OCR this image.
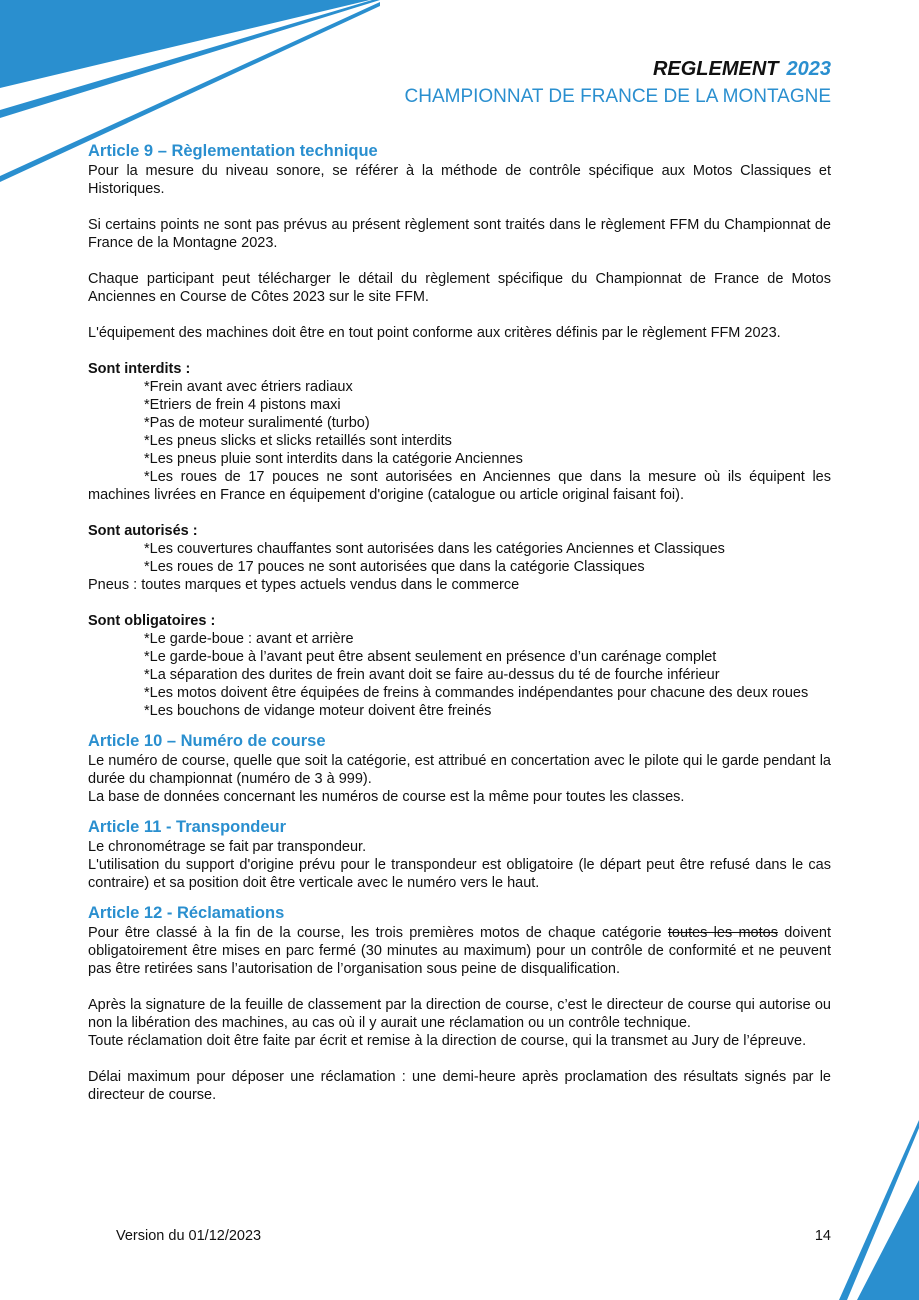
REGLEMENT 2023
CHAMPIONNAT DE FRANCE DE LA MONTAGNE
Article 9 – Règlementation technique

Pour la mesure du niveau sonore, se référer à la méthode de contrôle spécifique aux Motos Classiques et Historiques.

Si certains points ne sont pas prévus au présent règlement sont traités dans le règlement FFM du Championnat de France de la Montagne 2023.

Chaque participant peut télécharger le détail du règlement spécifique du Championnat de France de Motos Anciennes en Course de Côtes 2023 sur le site FFM.

L'équipement des machines doit être en tout point conforme aux critères définis par le règlement FFM 2023.

Sont interdits :

*Frein avant avec étriers radiaux

*Etriers de frein 4 pistons maxi

*Pas de moteur suralimenté (turbo)

*Les pneus slicks et slicks retaillés sont interdits

*Les pneus pluie sont interdits dans la catégorie Anciennes

*Les roues de 17 pouces ne sont autorisées en Anciennes que dans la mesure où ils équipent les machines livrées en France en équipement d'origine (catalogue ou article original faisant foi).

Sont autorisés :

*Les couvertures chauffantes sont autorisées dans les catégories Anciennes et Classiques

*Les roues de 17 pouces ne sont autorisées que dans la catégorie Classiques

Pneus : toutes marques et types actuels vendus dans le commerce

Sont obligatoires :

*Le garde-boue : avant et arrière

*Le garde-boue à l’avant peut être absent seulement en présence d’un carénage complet

*La séparation des durites de frein avant doit se faire au-dessus du té de fourche inférieur

*Les motos doivent être équipées de freins à commandes indépendantes pour chacune des deux roues

*Les bouchons de vidange moteur doivent être freinés

Article 10 – Numéro de course

Le numéro de course, quelle que soit la catégorie, est attribué en concertation avec le pilote qui le garde pendant la durée du championnat (numéro de 3 à 999).

La base de données concernant les numéros de course est la même pour toutes les classes.

Article 11 - Transpondeur

Le chronométrage se fait par transpondeur.

L'utilisation du support d'origine prévu pour le transpondeur est obligatoire (le départ peut être refusé dans le cas contraire) et sa position doit être verticale avec le numéro vers le haut.

Article 12 - Réclamations

Pour être classé à la fin de la course, les trois premières motos de chaque catégorie toutes les motos doivent obligatoirement être mises en parc fermé (30 minutes au maximum) pour un contrôle de conformité et ne peuvent pas être retirées sans l’autorisation de l’organisation sous peine de disqualification.

Après la signature de la feuille de classement par la direction de course, c’est le directeur de course qui autorise ou non la libération des machines, au cas où il y aurait une réclamation ou un contrôle technique.

Toute réclamation doit être faite par écrit et remise à la direction de course, qui la transmet au Jury de l’épreuve.

Délai maximum pour déposer une réclamation : une demi-heure après proclamation des résultats signés par le directeur de course.

Version du 01/12/2023	14
